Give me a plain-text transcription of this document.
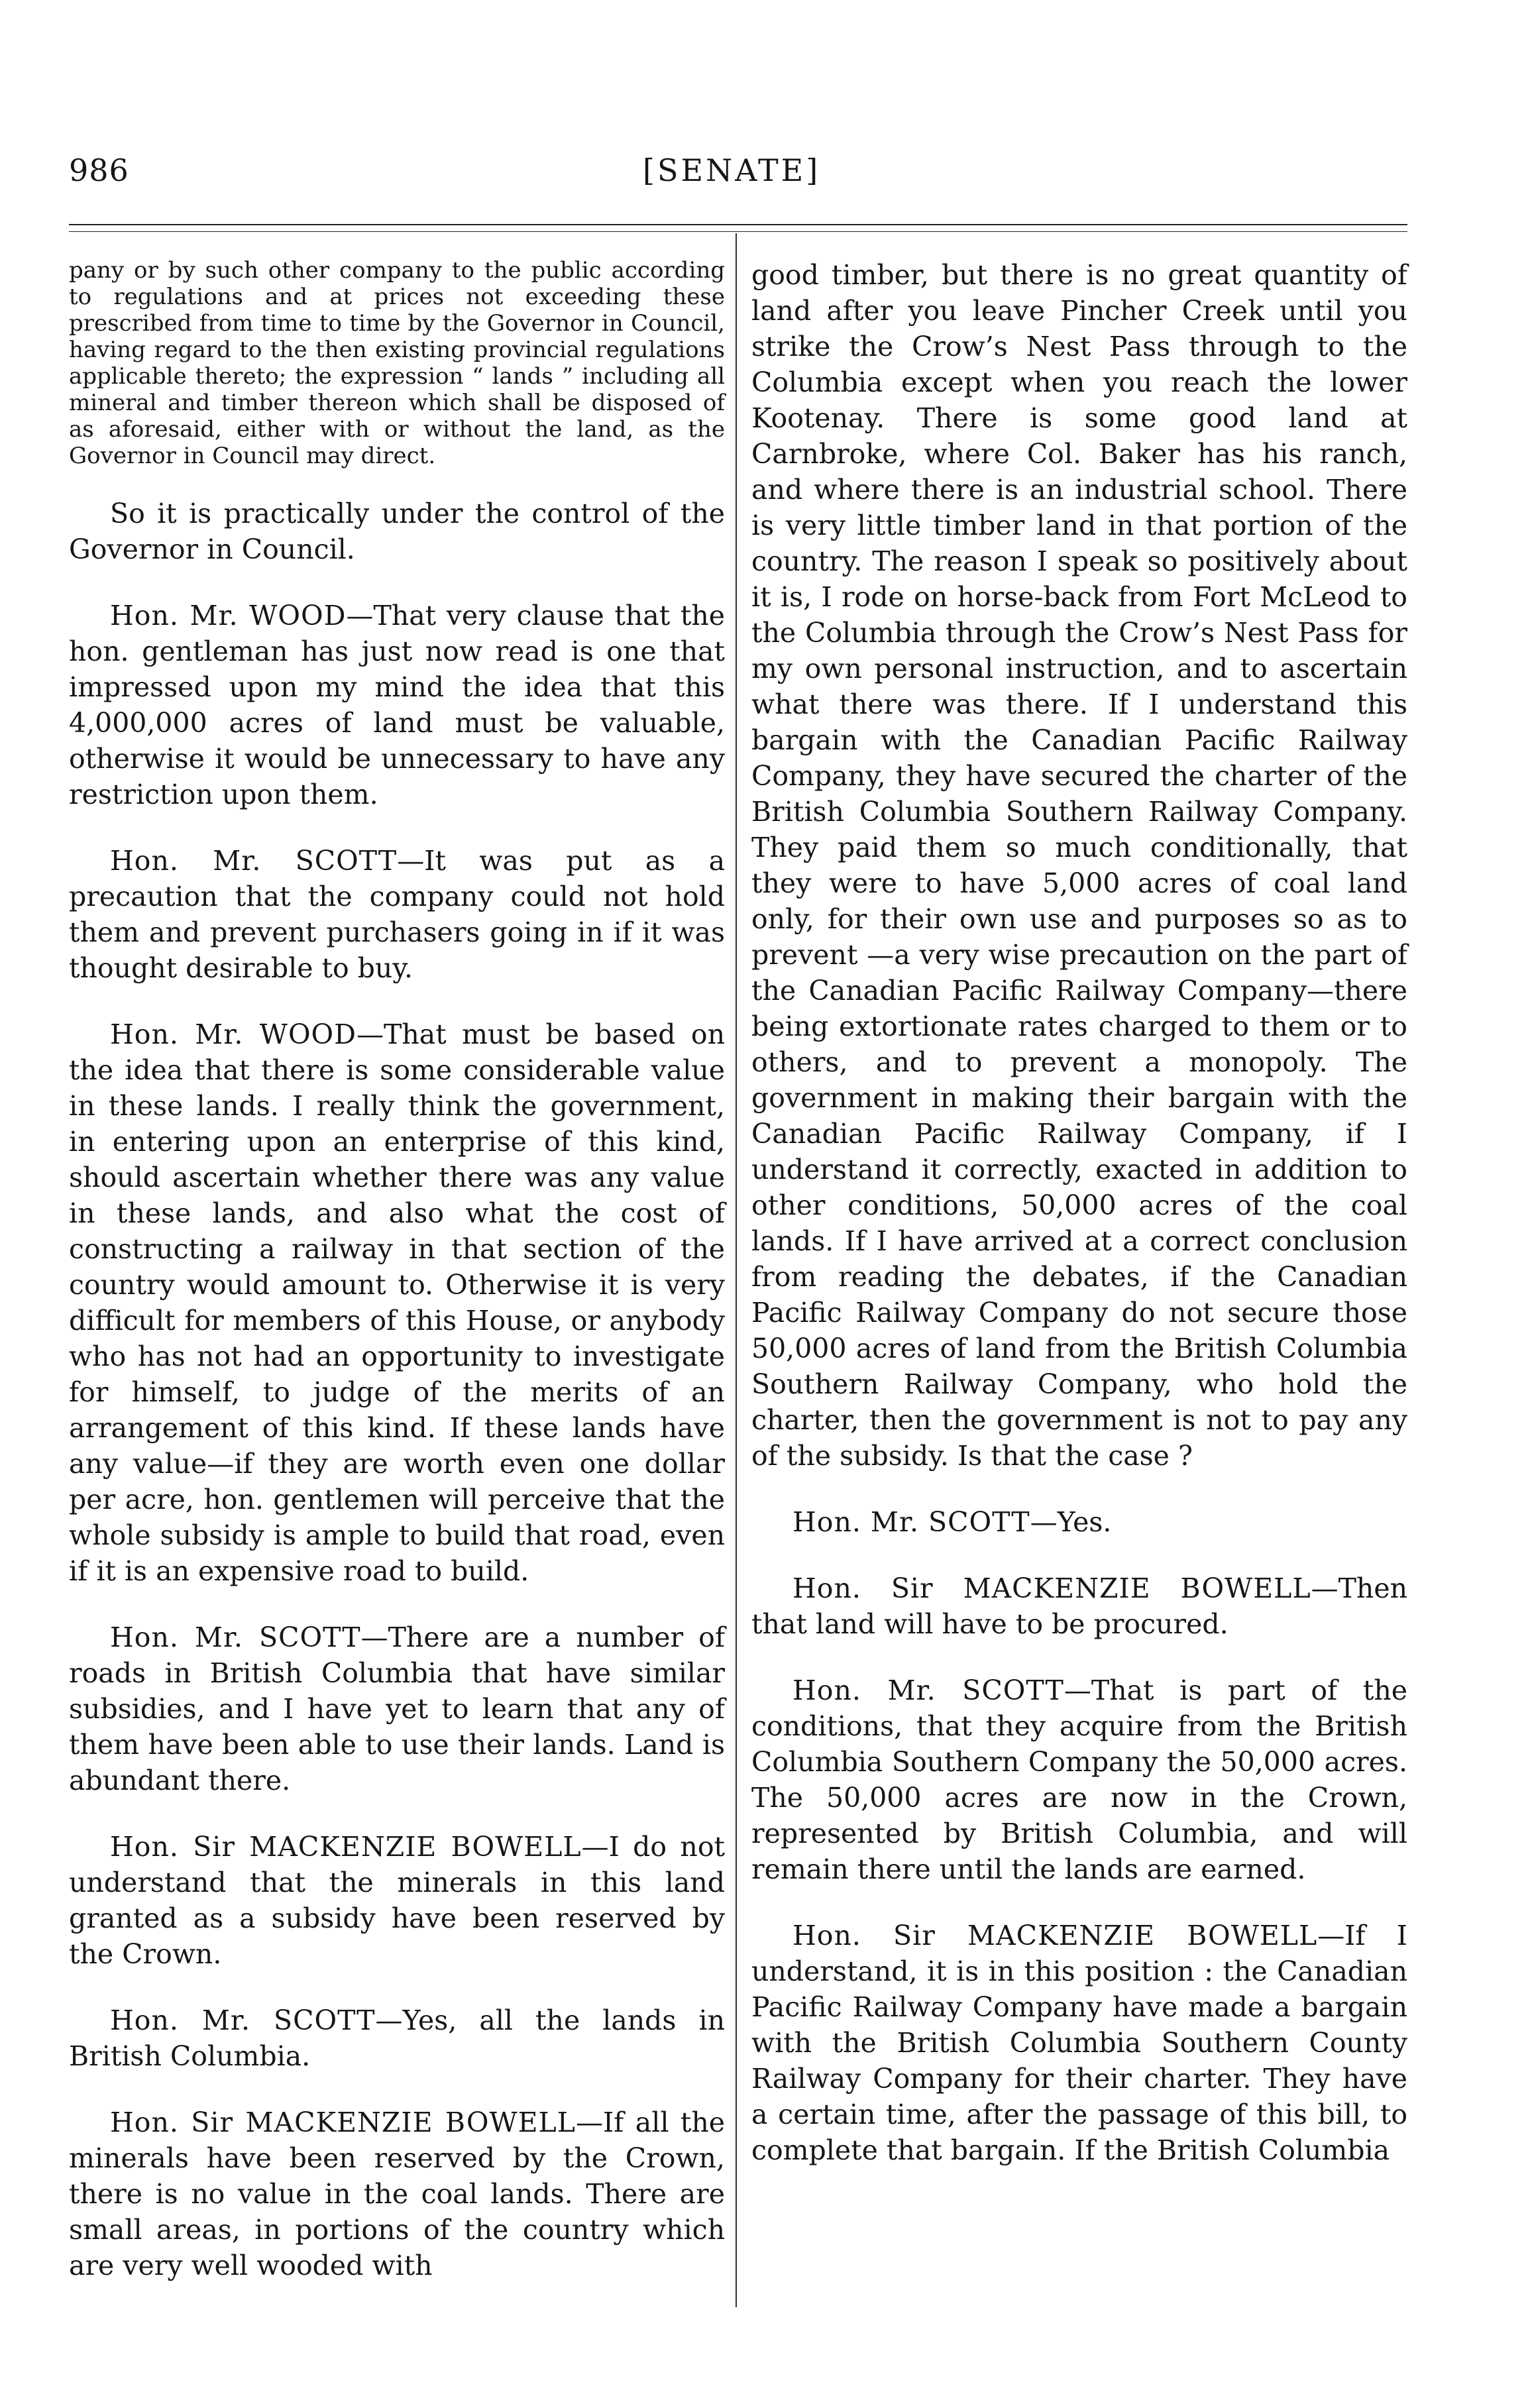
986	[SENATE]

pany or by such other company to the public according to regulations and at prices not exceeding these prescribed from time to time by the Governor in Council, having regard to the then existing provincial regulations applicable thereto; the expression “ lands ” including all mineral and timber thereon which shall be disposed of as aforesaid, either with or without the land, as the Governor in Council may direct.

So it is practically under the control of the Governor in Council.

Hon. Mr. WOOD—That very clause that the hon. gentleman has just now read is one that impressed upon my mind the idea that this 4,000,000 acres of land must be valuable, otherwise it would be unnecessary to have any restriction upon them.

Hon. Mr. SCOTT—It was put as a precaution that the company could not hold them and prevent purchasers going in if it was thought desirable to buy.

Hon. Mr. WOOD—That must be based on the idea that there is some considerable value in these lands. I really think the government, in entering upon an enterprise of this kind, should ascertain whether there was any value in these lands, and also what the cost of constructing a railway in that section of the country would amount to. Otherwise it is very difficult for members of this House, or anybody who has not had an opportunity to investigate for himself, to judge of the merits of an arrangement of this kind. If these lands have any value—if they are worth even one dollar per acre, hon. gentlemen will perceive that the whole subsidy is ample to build that road, even if it is an expensive road to build.

Hon. Mr. SCOTT—There are a number of roads in British Columbia that have similar subsidies, and I have yet to learn that any of them have been able to use their lands. Land is abundant there.

Hon. Sir MACKENZIE BOWELL—I do not understand that the minerals in this land granted as a subsidy have been reserved by the Crown.

Hon. Mr. SCOTT—Yes, all the lands in British Columbia.

Hon. Sir MACKENZIE BOWELL—If all the minerals have been reserved by the Crown, there is no value in the coal lands. There are small areas, in portions of the country which are very well wooded with

good timber, but there is no great quantity of land after you leave Pincher Creek until you strike the Crow’s Nest Pass through to the Columbia except when you reach the lower Kootenay. There is some good land at Carnbroke, where Col. Baker has his ranch, and where there is an industrial school. There is very little timber land in that portion of the country. The reason I speak so positively about it is, I rode on horse-back from Fort McLeod to the Columbia through the Crow’s Nest Pass for my own personal instruction, and to ascertain what there was there. If I understand this bargain with the Canadian Pacific Railway Company, they have secured the charter of the British Columbia Southern Railway Company. They paid them so much conditionally, that they were to have 5,000 acres of coal land only, for their own use and purposes so as to prevent —a very wise precaution on the part of the Canadian Pacific Railway Company—there being extortionate rates charged to them or to others, and to prevent a monopoly. The government in making their bargain with the Canadian Pacific Railway Company, if I understand it correctly, exacted in addition to other conditions, 50,000 acres of the coal lands. If I have arrived at a correct conclusion from reading the debates, if the Canadian Pacific Railway Company do not secure those 50,000 acres of land from the British Columbia Southern Railway Company, who hold the charter, then the government is not to pay any of the subsidy. Is that the case ?

Hon. Mr. SCOTT—Yes.

Hon. Sir MACKENZIE BOWELL—Then that land will have to be procured.

Hon. Mr. SCOTT—That is part of the conditions, that they acquire from the British Columbia Southern Company the 50,000 acres. The 50,000 acres are now in the Crown, represented by British Columbia, and will remain there until the lands are earned.

Hon. Sir MACKENZIE BOWELL—If I understand, it is in this position : the Canadian Pacific Railway Company have made a bargain with the British Columbia Southern County Railway Company for their charter. They have a certain time, after the passage of this bill, to complete that bargain. If the British Columbia
